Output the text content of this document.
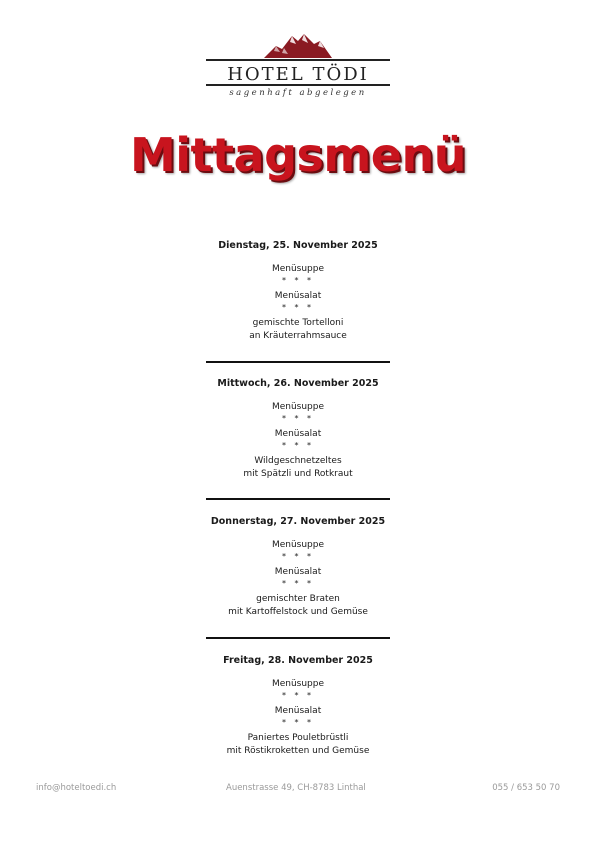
HOTEL TÖDI
sagenhaft abgelegen
Mittagsmenü
Dienstag, 25. November 2025
Menüsuppe
* * *
Menüsalat
* * *
gemischte Tortelloni
an Kräuterrahmsauce
Mittwoch, 26. November 2025
Menüsuppe
* * *
Menüsalat
* * *
Wildgeschnetzeltes
mit Spätzli und Rotkraut
Donnerstag, 27. November 2025
Menüsuppe
* * *
Menüsalat
* * *
gemischter Braten
mit Kartoffelstock und Gemüse
Freitag, 28. November 2025
Menüsuppe
* * *
Menüsalat
* * *
Paniertes Pouletbrüstli
mit Röstikroketten und Gemüse
info@hoteltoedi.ch	Auenstrasse 49, CH-8783 Linthal	055 / 653 50 70
